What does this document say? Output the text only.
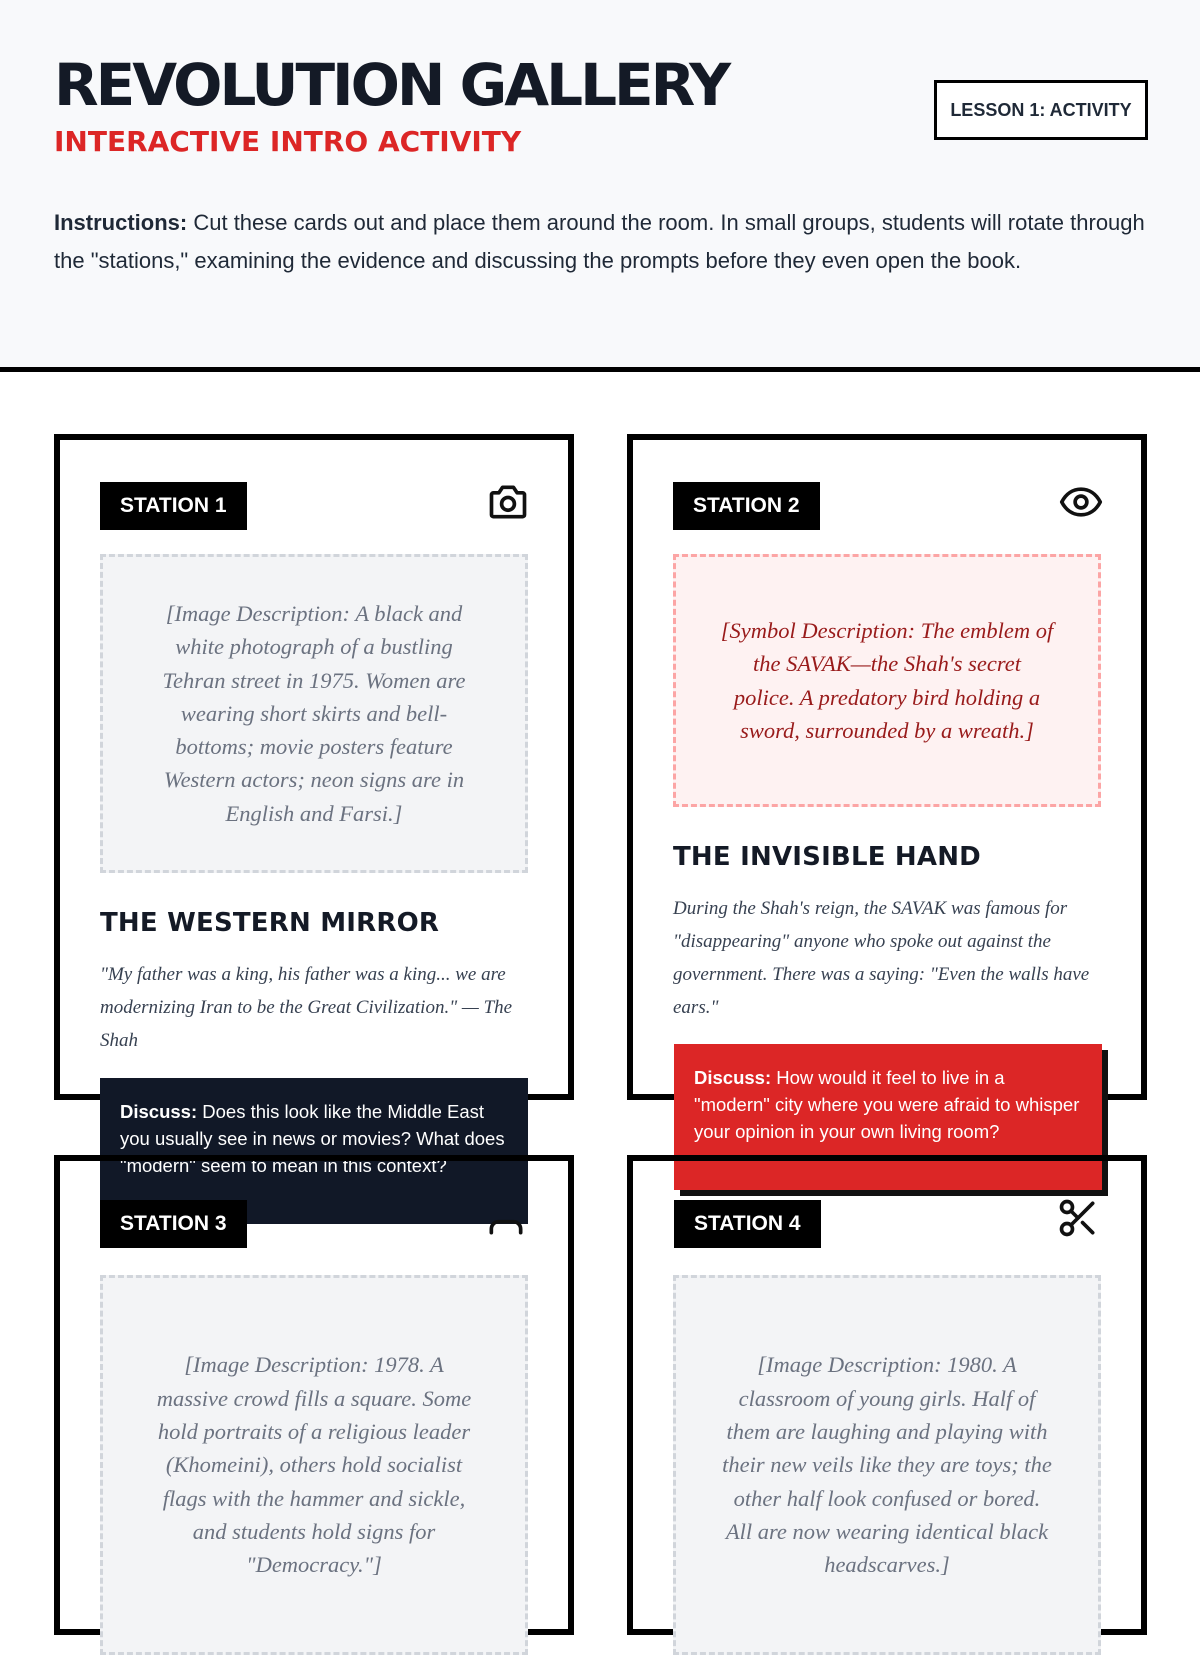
REVOLUTION GALLERY
INTERACTIVE INTRO ACTIVITY
LESSON 1: ACTIVITY

Instructions: Cut these cards out and place them around the room. In small groups, students will rotate through the "stations," examining the evidence and discussing the prompts before they even open the book.

STATION 1
[Image Description: A black and white photograph of a bustling Tehran street in 1975. Women are wearing short skirts and bell-bottoms; movie posters feature Western actors; neon signs are in English and Farsi.]
THE WESTERN MIRROR

"My father was a king, his father was a king... we are modernizing Iran to be the Great Civilization." — The Shah

STATION 2
[Symbol Description: The emblem of the SAVAK—the Shah's secret police. A predatory bird holding a sword, surrounded by a wreath.]
THE INVISIBLE HAND

During the Shah's reign, the SAVAK was famous for "disappearing" anyone who spoke out against the government. There was a saying: "Even the walls have ears."

[Image Description: 1978. A massive crowd fills a square. Some hold portraits of a religious leader (Khomeini), others hold socialist flags with the hammer and sickle, and students hold signs for "Democracy."]
[Image Description: 1980. A classroom of young girls. Half of them are laughing and playing with their new veils like they are toys; the other half look confused or bored. All are now wearing identical black headscarves.]
Discuss: Does this look like the Middle East you usually see in news or movies? What does "modern" seem to mean in this context?
Discuss: How would it feel to live in a "modern" city where you were afraid to whisper your opinion in your own living room?
STATION 3	STATION 4
